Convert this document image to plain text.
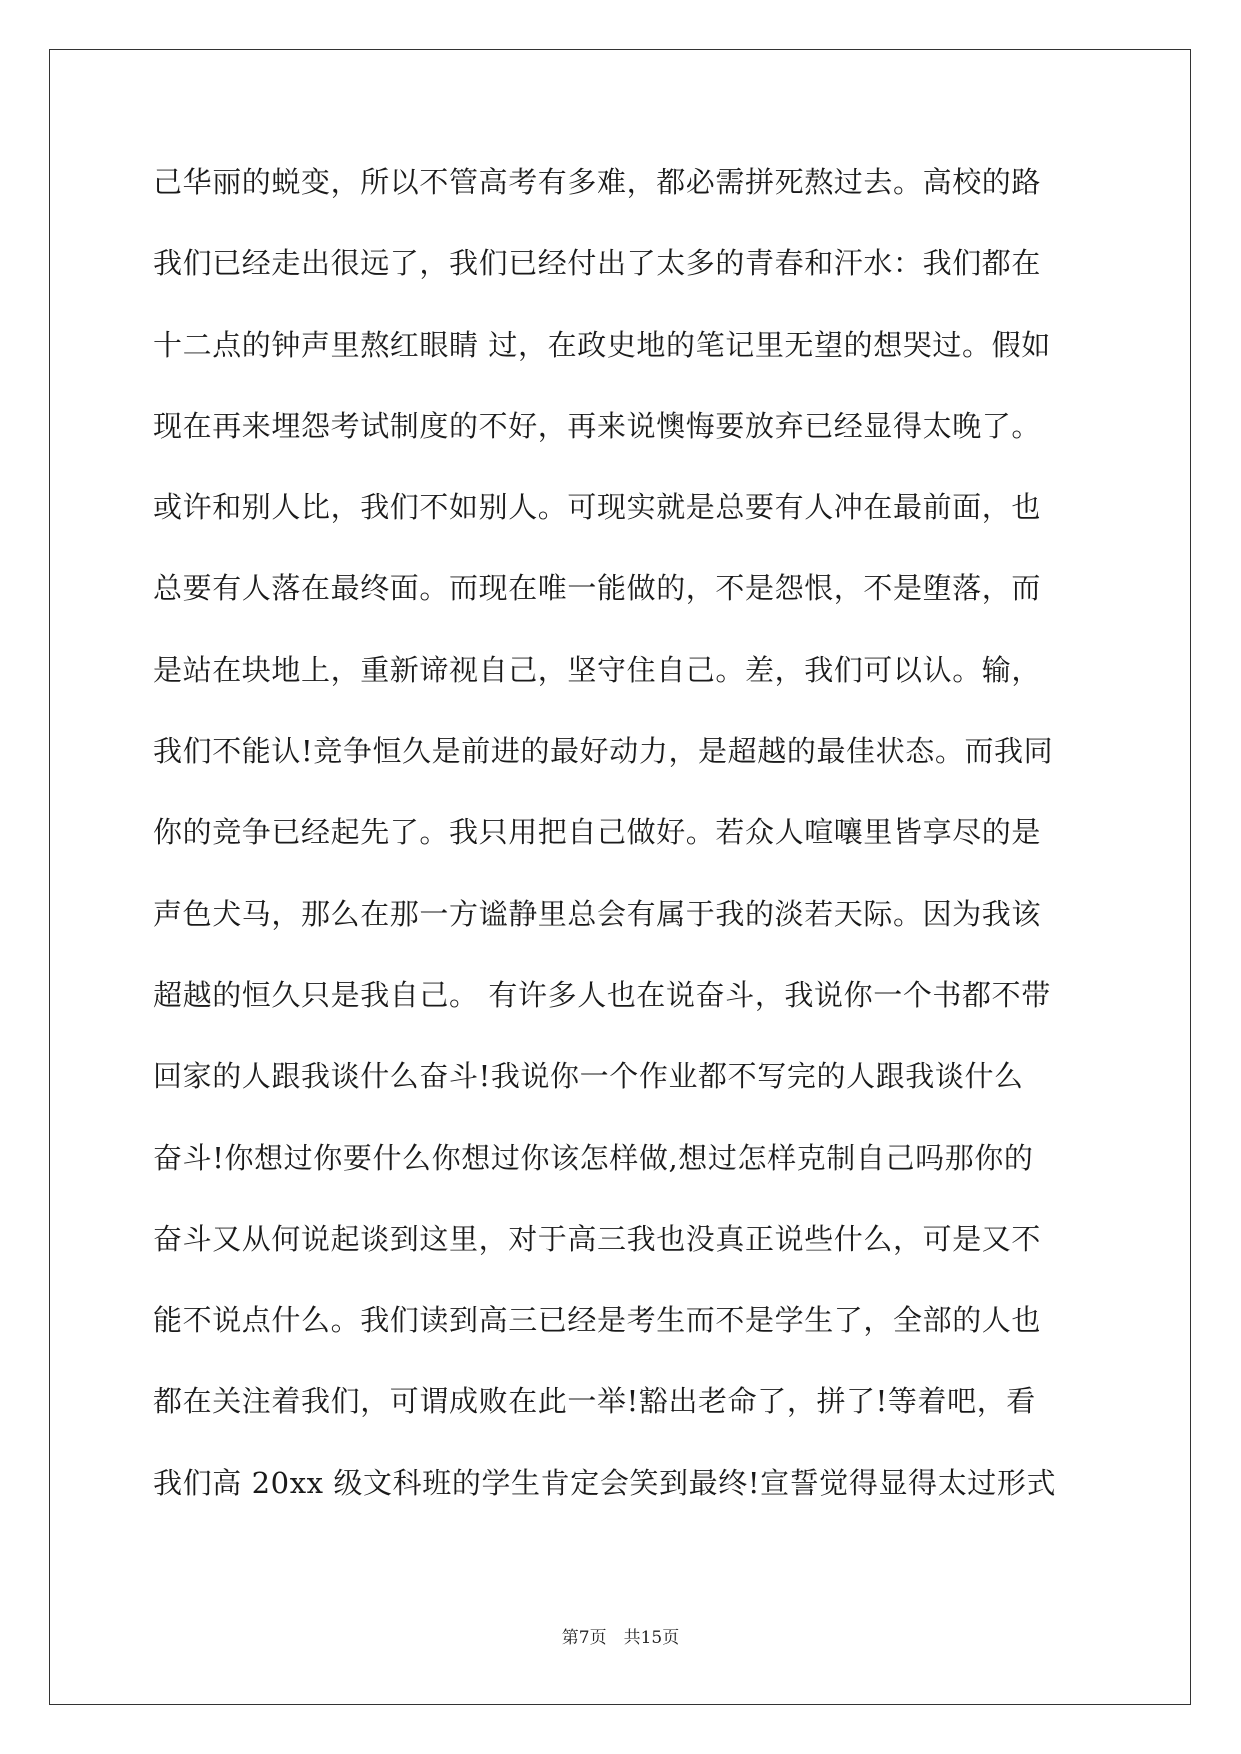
己华丽的蜕变，所以不管高考有多难，都必需拼死熬过去。高校的路
我们已经走出很远了，我们已经付出了太多的青春和汗水：我们都在
十二点的钟声里熬红眼睛 过，在政史地的笔记里无望的想哭过。假如
现在再来埋怨考试制度的不好，再来说懊悔要放弃已经显得太晚了。
或许和别人比，我们不如别人。可现实就是总要有人冲在最前面，也
总要有人落在最终面。而现在唯一能做的，不是怨恨，不是堕落，而
是站在块地上，重新谛视自己，坚守住自己。差，我们可以认。输，
我们不能认!竞争恒久是前进的最好动力，是超越的最佳状态。而我同
你的竞争已经起先了。我只用把自己做好。若众人喧嚷里皆享尽的是
声色犬马，那么在那一方谧静里总会有属于我的淡若天际。因为我该
超越的恒久只是我自己。 有许多人也在说奋斗，我说你一个书都不带
回家的人跟我谈什么奋斗!我说你一个作业都不写完的人跟我谈什么
奋斗!你想过你要什么你想过你该怎样做,想过怎样克制自己吗那你的
奋斗又从何说起谈到这里，对于高三我也没真正说些什么，可是又不
能不说点什么。我们读到高三已经是考生而不是学生了，全部的人也
都在关注着我们，可谓成败在此一举!豁出老命了，拼了!等着吧，看
我们高 20xx 级文科班的学生肯定会笑到最终!宣誓觉得显得太过形式
第7页　共15页
